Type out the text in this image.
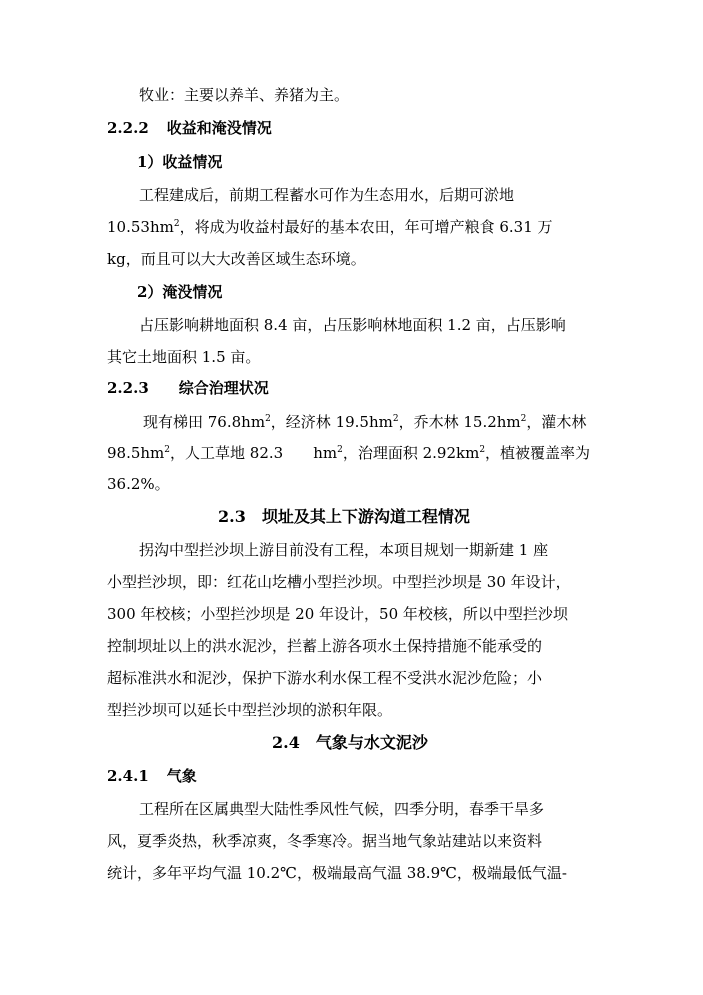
牧业：主要以养羊、养猪为主。
2.2.2 收益和淹没情况
1）收益情况
工程建成后，前期工程蓄水可作为生态用水，后期可淤地
$10.53hm^2$，将成为收益村最好的基本农田，年可增产粮食 6.31 万
kg，而且可以大大改善区域生态环境。
2）淹没情况
占压影响耕地面积 8.4 亩，占压影响林地面积 1.2 亩，占压影响
其它土地面积 1.5 亩。
2.2.3 综合治理状况
现有梯田 $76.8hm^2$，经济林 $19.5hm^2$，乔木林 $15.2hm^2$，灌木林
$98.5hm^2$，人工草地 82.3 $hm^2$，治理面积 $2.92km^2$，植被覆盖率为
36.2%。
2.3 坝址及其上下游沟道工程情况
拐沟中型拦沙坝上游目前没有工程，本项目规划一期新建 1 座
小型拦沙坝，即：红花山圪槽小型拦沙坝。中型拦沙坝是 30 年设计，
300 年校核；小型拦沙坝是 20 年设计，50 年校核，所以中型拦沙坝
控制坝址以上的洪水泥沙，拦蓄上游各项水土保持措施不能承受的
超标准洪水和泥沙，保护下游水利水保工程不受洪水泥沙危险；小
型拦沙坝可以延长中型拦沙坝的淤积年限。
2.4 气象与水文泥沙
2.4.1 气象
工程所在区属典型大陆性季风性气候，四季分明，春季干旱多
风，夏季炎热，秋季凉爽，冬季寒冷。据当地气象站建站以来资料
统计，多年平均气温 10.2℃，极端最高气温 38.9℃，极端最低气温-
